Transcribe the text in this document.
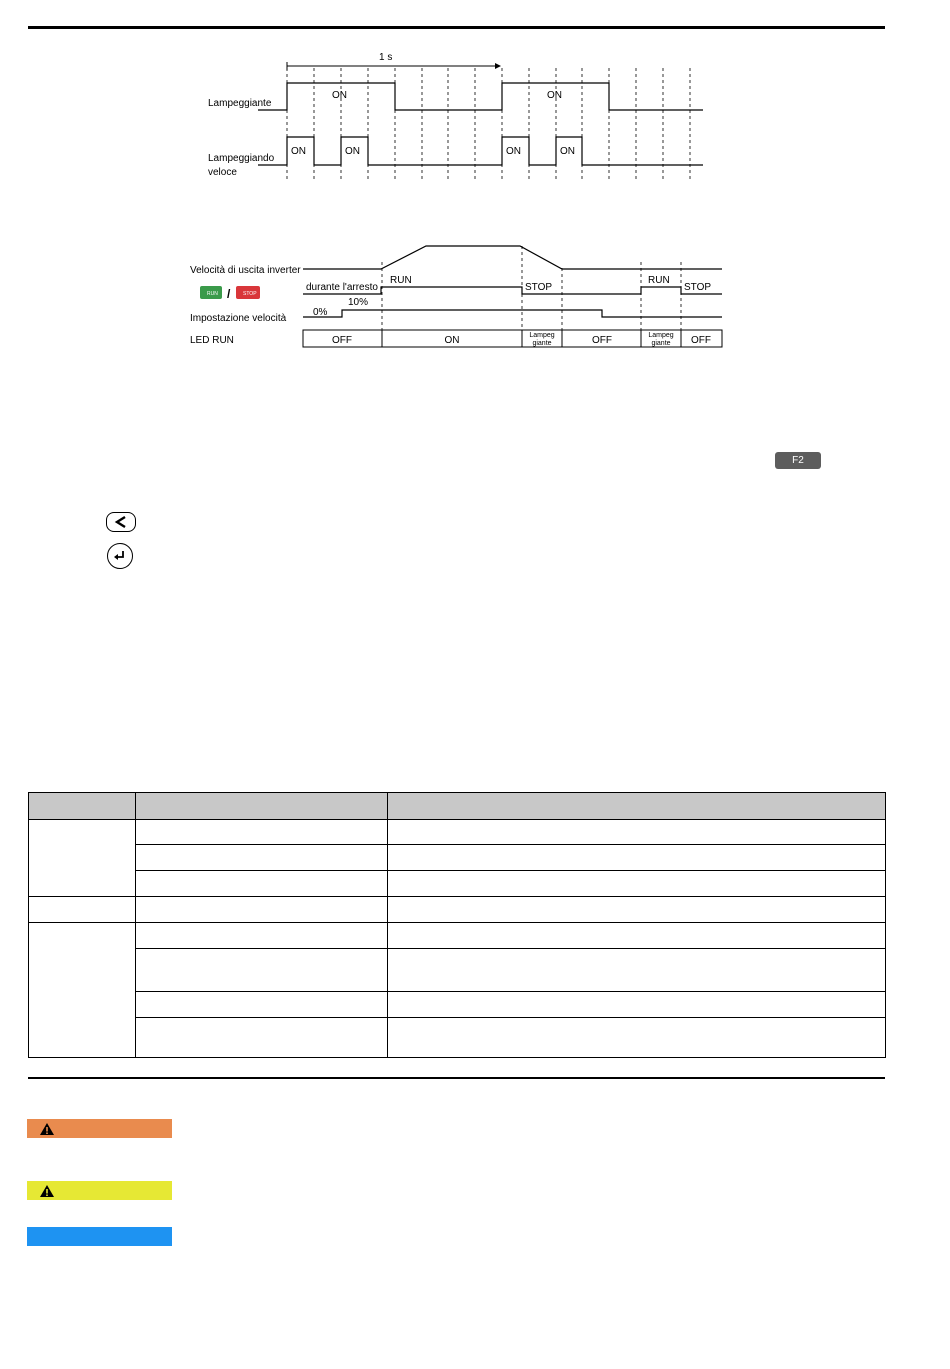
1 s
Lampeggiante
ON	ON
Lampeggiando
veloce
ON	ON	ON	ON
Velocità di uscita inverter
RUN /	STOP
durante l'arresto
RUN
STOP
RUN
STOP
Impostazione velocità
0%
10%
LED RUN	OFF	ON	Lampeg
giante	OFF	Lampeg
giante OFF
F2
